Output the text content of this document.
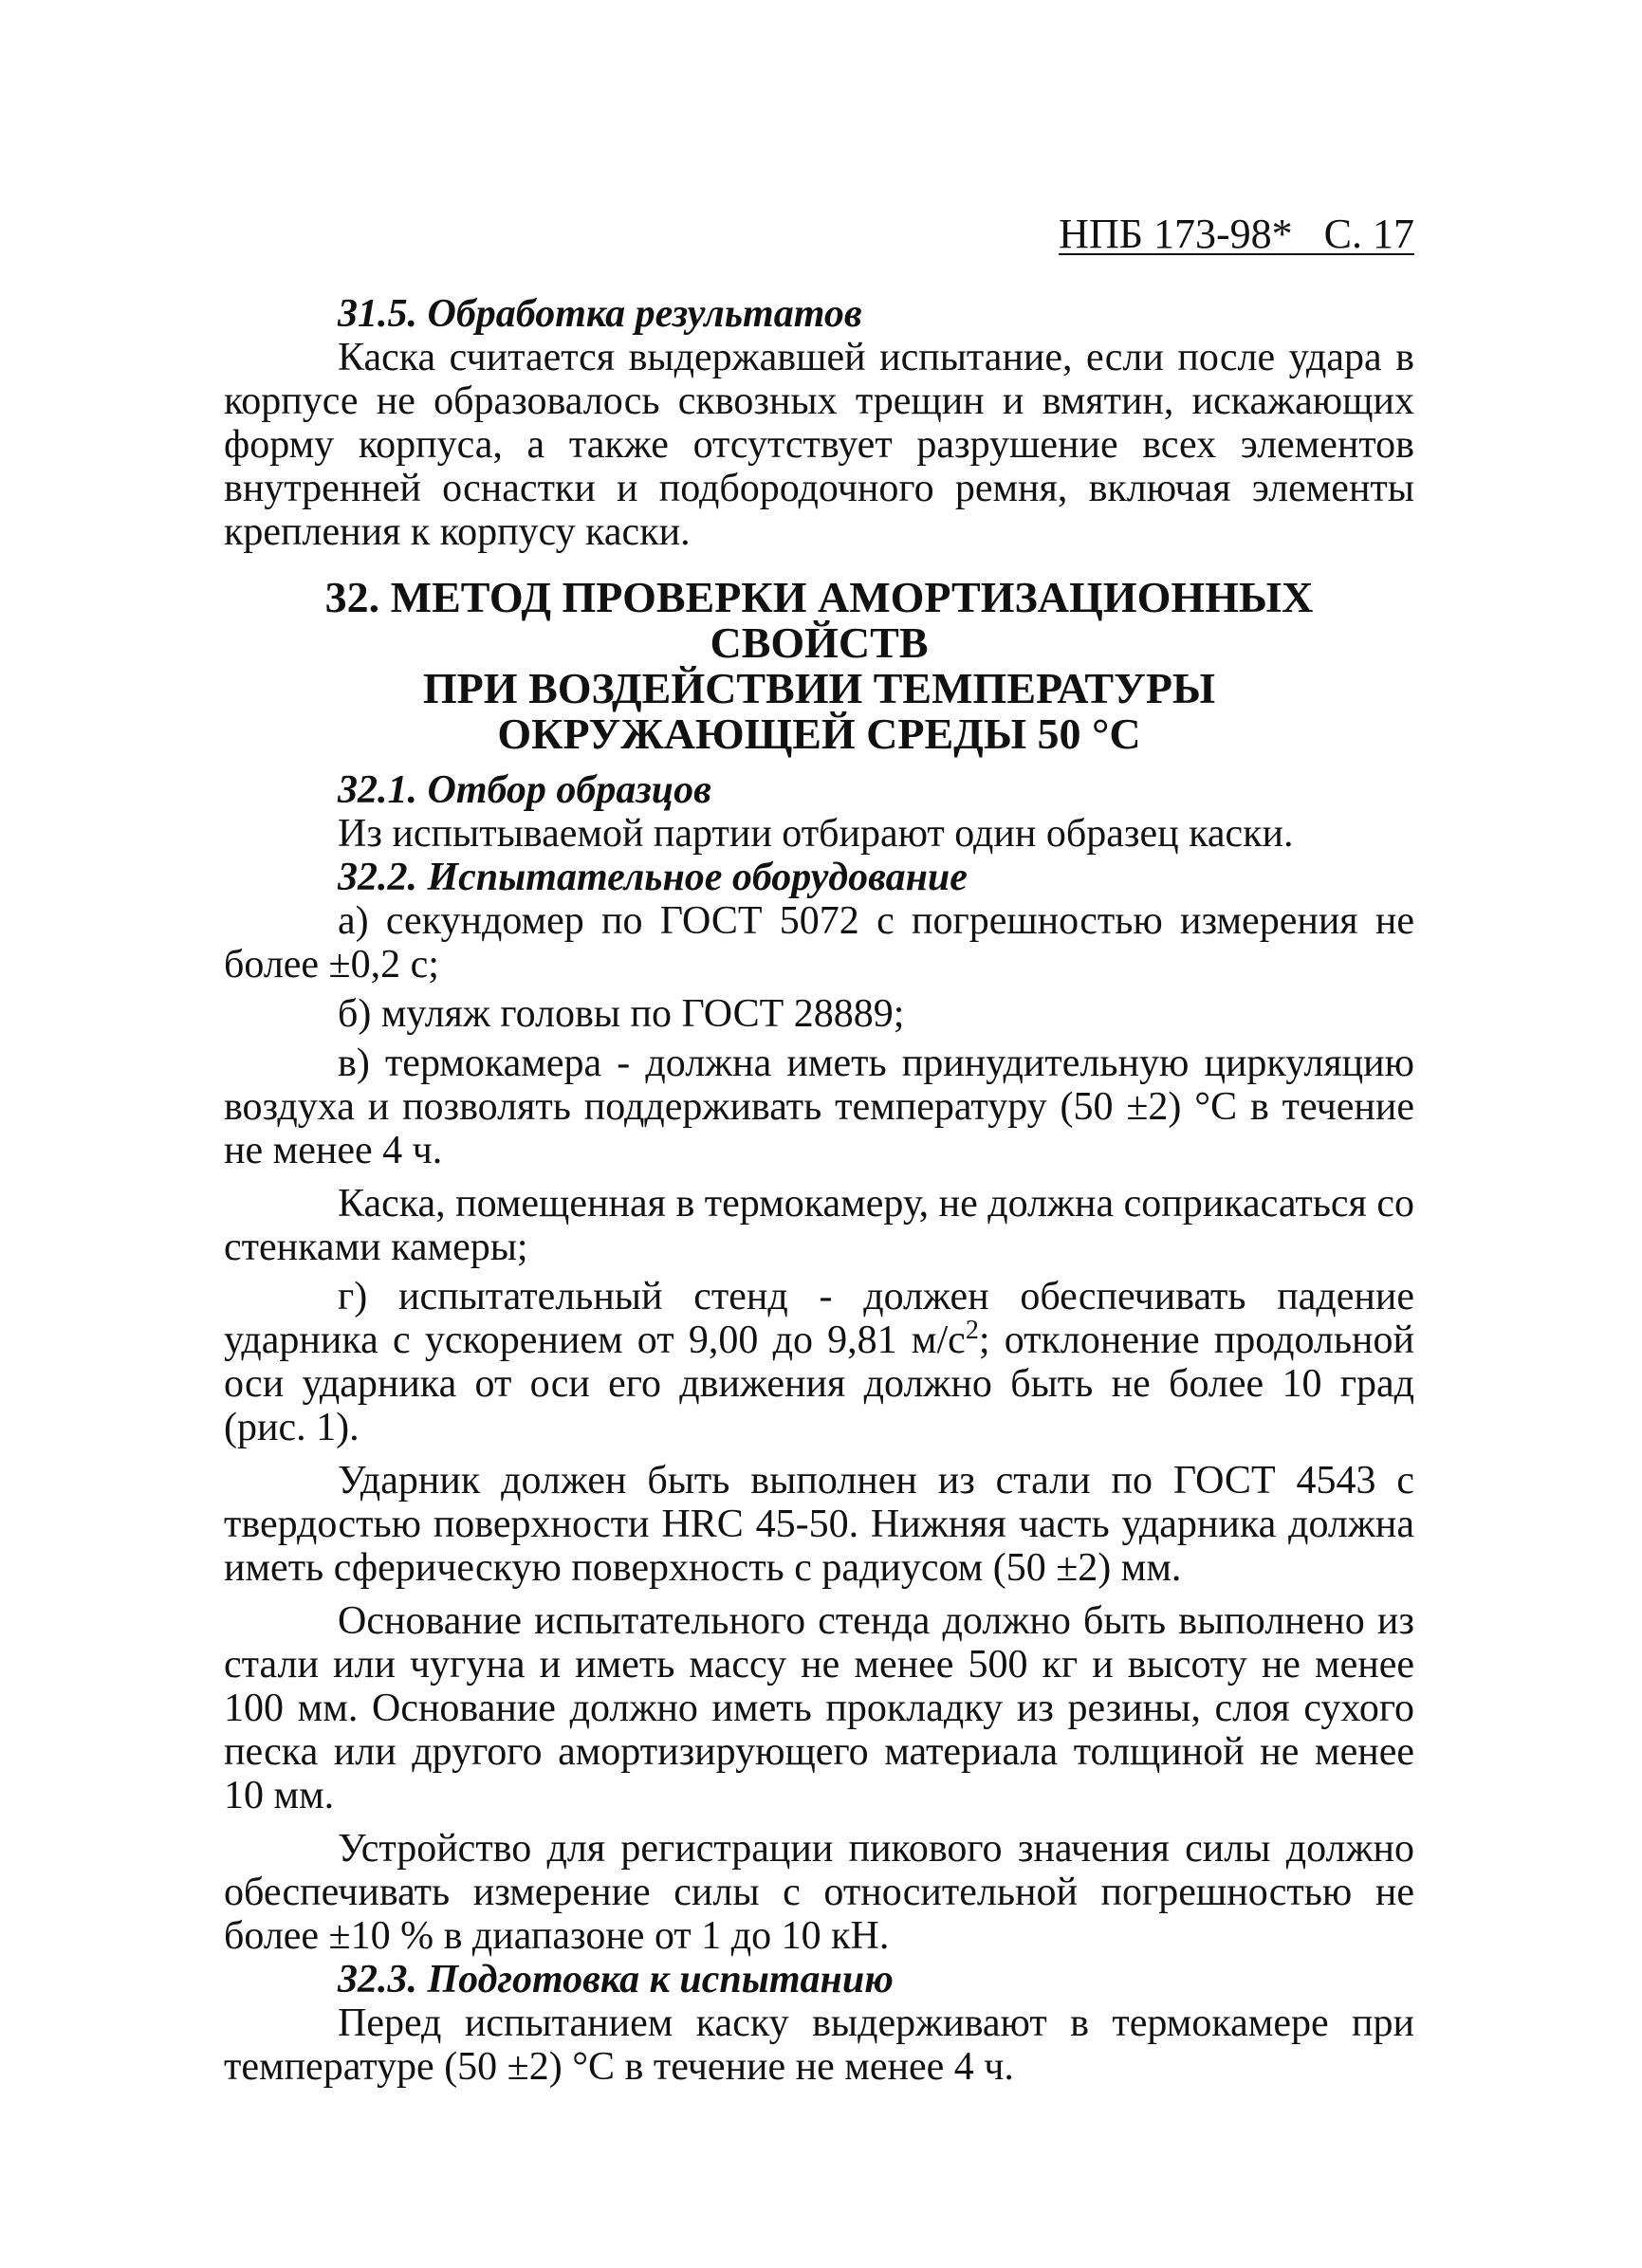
НПБ 173-98* С. 17

31.5. Обработка результатов

Каска считается выдержавшей испытание, если после удара в корпусе не образовалось сквозных трещин и вмятин, искажающих форму корпуса, а также отсутствует разрушение всех элементов внутренней оснастки и подбородочного ремня, включая элементы крепления к корпусу каски.

32. МЕТОД ПРОВЕРКИ АМОРТИЗАЦИОННЫХ СВОЙСТВ
ПРИ ВОЗДЕЙСТВИИ ТЕМПЕРАТУРЫ
ОКРУЖАЮЩЕЙ СРЕДЫ 50 °С

32.1. Отбор образцов

Из испытываемой партии отбирают один образец каски.

32.2. Испытательное оборудование

а) секундомер по ГОСТ 5072 с погрешностью измерения не более ±0,2 с;

б) муляж головы по ГОСТ 28889;

в) термокамера - должна иметь принудительную циркуляцию воздуха и позволять поддерживать температуру (50 ±2) °С в течение не менее 4 ч.

Каска, помещенная в термокамеру, не должна соприкасаться со стенками камеры;

г) испытательный стенд - должен обеспечивать падение ударника с ускорением от 9,00 до 9,81 $м/с^2$; отклонение продольной оси ударника от оси его движения должно быть не более 10 град (рис. 1).

Ударник должен быть выполнен из стали по ГОСТ 4543 с твердостью поверхности HRC 45-50. Нижняя часть ударника должна иметь сферическую поверхность с радиусом (50 ±2) мм.

Основание испытательного стенда должно быть выполнено из стали или чугуна и иметь массу не менее 500 кг и высоту не менее 100 мм. Основание должно иметь прокладку из резины, слоя сухого песка или другого амортизирующего материала толщиной не менее 10 мм.

Устройство для регистрации пикового значения силы должно обеспечивать измерение силы с относительной погрешностью не более ±10 % в диапазоне от 1 до 10 кН.

32.3. Подготовка к испытанию

Перед испытанием каску выдерживают в термокамере при температуре (50 ±2) °С в течение не менее 4 ч.
